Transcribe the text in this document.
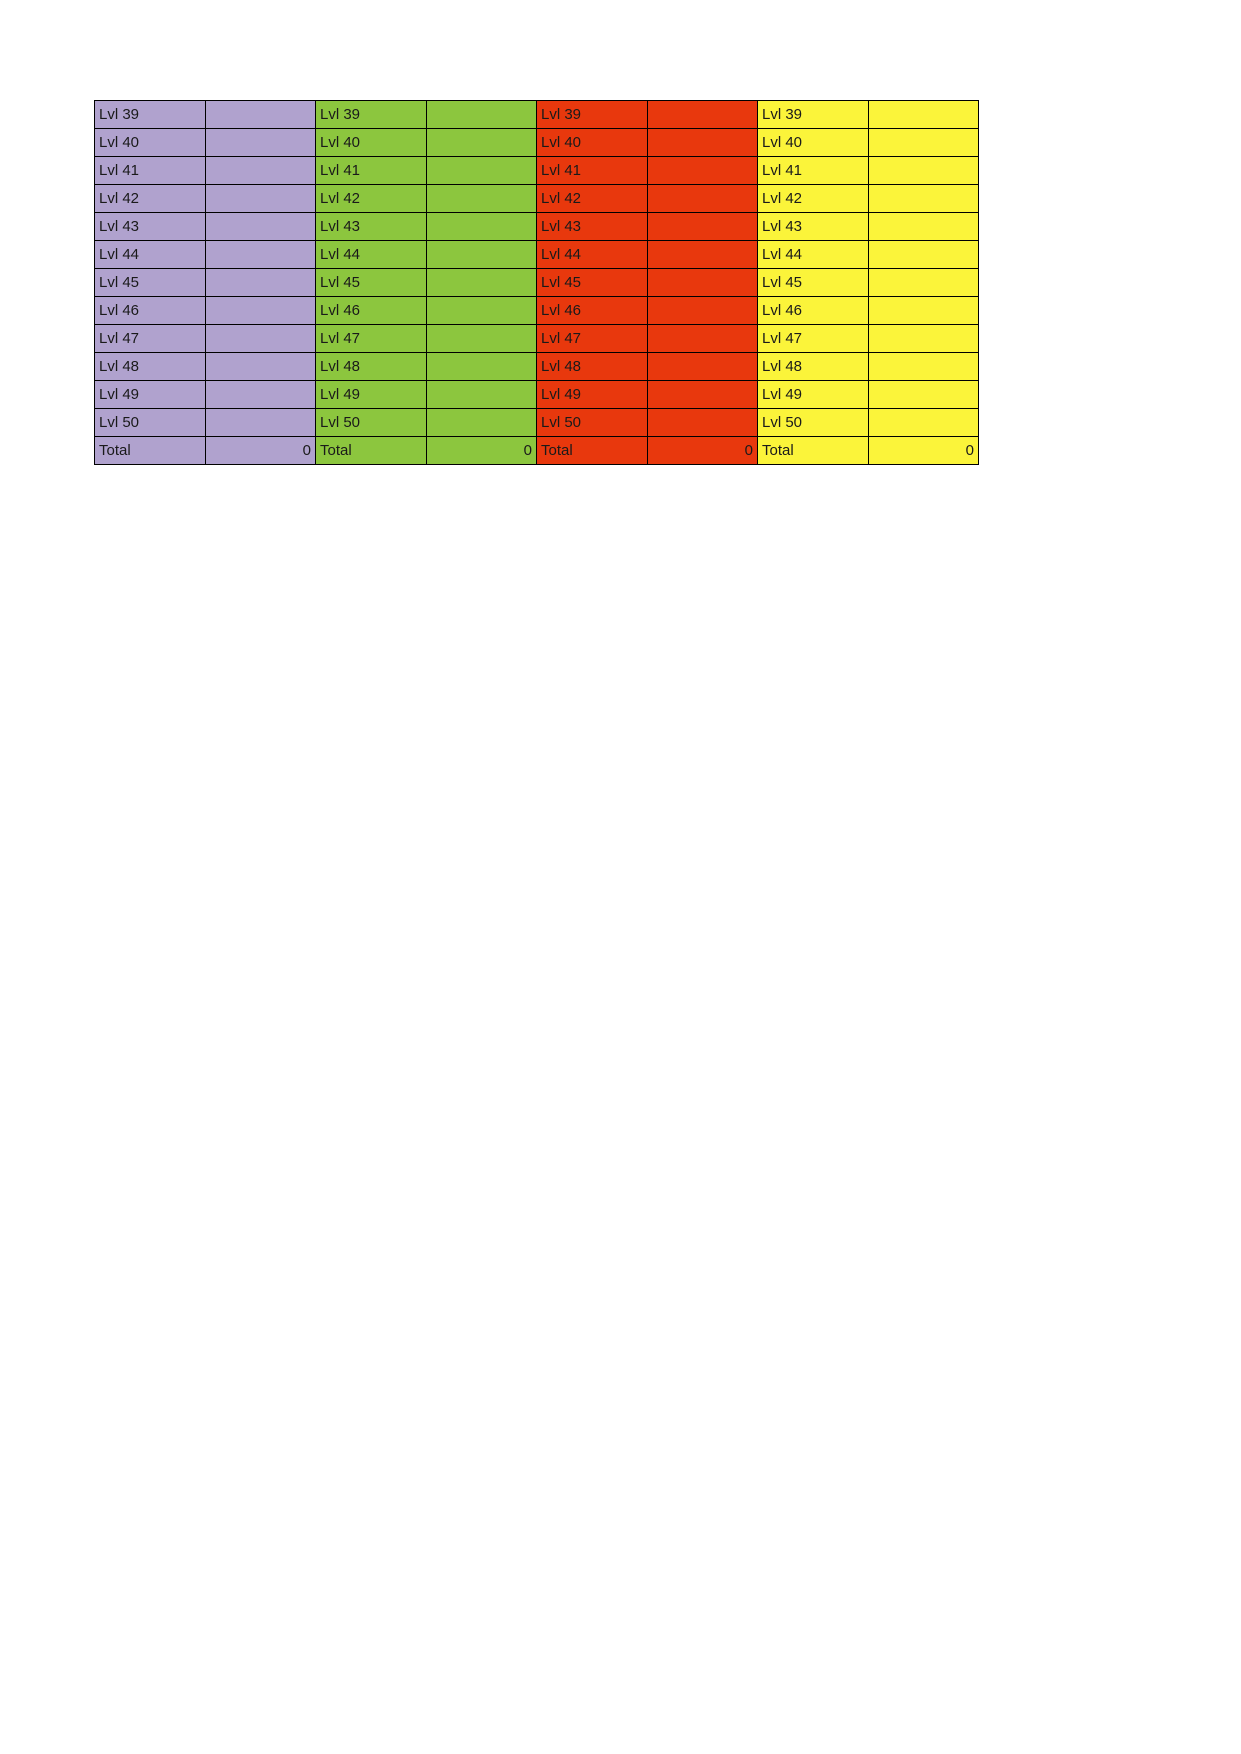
Lvl 39		Lvl 39		Lvl 39		Lvl 39	
Lvl 40		Lvl 40		Lvl 40		Lvl 40	
Lvl 41		Lvl 41		Lvl 41		Lvl 41	
Lvl 42		Lvl 42		Lvl 42		Lvl 42	
Lvl 43		Lvl 43		Lvl 43		Lvl 43	
Lvl 44		Lvl 44		Lvl 44		Lvl 44	
Lvl 45		Lvl 45		Lvl 45		Lvl 45	
Lvl 46		Lvl 46		Lvl 46		Lvl 46	
Lvl 47		Lvl 47		Lvl 47		Lvl 47	
Lvl 48		Lvl 48		Lvl 48		Lvl 48	
Lvl 49		Lvl 49		Lvl 49		Lvl 49	
Lvl 50		Lvl 50		Lvl 50		Lvl 50	
Total	0	Total	0	Total	0	Total	0
